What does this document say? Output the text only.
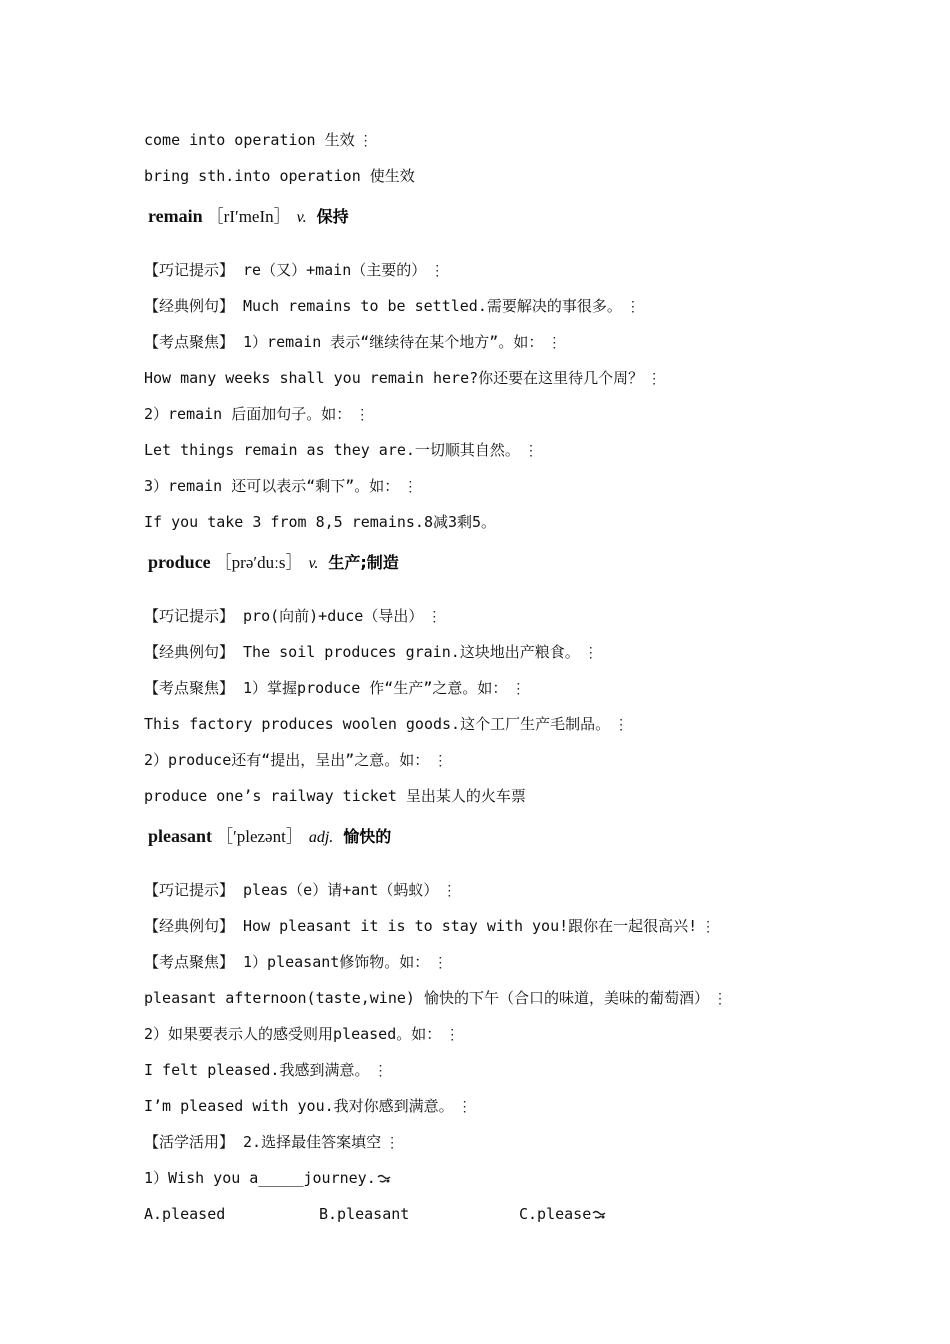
come into operation 生效 ⋮
bring sth.into operation 使生效
remain ［rI′meIn］ v. 保持
【巧记提示】 re（又）+main（主要的） ⋮
【经典例句】 Much remains to be settled.需要解决的事很多。 ⋮
【考点聚焦】 1）remain 表示“继续待在某个地方”。如： ⋮
How many weeks shall you remain here?你还要在这里待几个周？ ⋮
2）remain 后面加句子。如： ⋮
Let things remain as they are.一切顺其自然。 ⋮
3）remain 还可以表示“剩下”。如： ⋮
If you take 3 from 8,5 remains.8减3剩5。
produce ［prə′duːs］ v. 生产;制造
【巧记提示】 pro(向前)+duce（导出） ⋮
【经典例句】 The soil produces grain.这块地出产粮食。 ⋮
【考点聚焦】 1）掌握produce 作“生产”之意。如： ⋮
This factory produces woolen goods.这个工厂生产毛制品。 ⋮
2）produce还有“提出，呈出”之意。如： ⋮
produce one’s railway ticket 呈出某人的火车票
pleasant ［′plezənt］ adj. 愉快的
【巧记提示】 pleas（e）请+ant（蚂蚁） ⋮
【经典例句】 How pleasant it is to stay with you!跟你在一起很高兴! ⋮
【考点聚焦】 1）pleasant修饰物。如： ⋮
pleasant afternoon(taste,wine) 愉快的下午（合口的味道，美味的葡萄酒） ⋮
2）如果要表示人的感受则用pleased。如： ⋮
I felt pleased.我感到满意。 ⋮
I’m pleased with you.我对你感到满意。 ⋮
【活学活用】 2.选择最佳答案填空 ⋮
1）Wish you a_____journey.
A.pleased	B.pleasant	C.please
